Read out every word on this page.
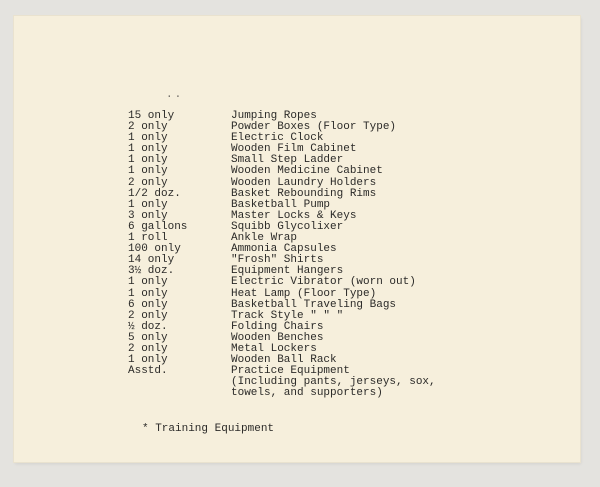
..
15 only	Jumping Ropes
2 only	Powder Boxes (Floor Type)
1 only	Electric Clock
1 only	Wooden Film Cabinet
1 only	Small Step Ladder
1 only	Wooden Medicine Cabinet
2 only	Wooden Laundry Holders
1/2 doz.	Basket Rebounding Rims
1 only	Basketball Pump
3 only	Master Locks & Keys
6 gallons	Squibb Glycolixer
1 roll	Ankle Wrap
100 only	Ammonia Capsules
14 only	"Frosh" Shirts
3½ doz.	Equipment Hangers
1 only	Electric Vibrator (worn out)
1 only	Heat Lamp (Floor Type)
6 only	Basketball Traveling Bags
2 only	Track Style " " "
½ doz.	Folding Chairs
5 only	Wooden Benches
2 only	Metal Lockers
1 only	Wooden Ball Rack
Asstd.	Practice Equipment
(Including pants, jerseys, sox,
towels, and supporters)
* Training Equipment
